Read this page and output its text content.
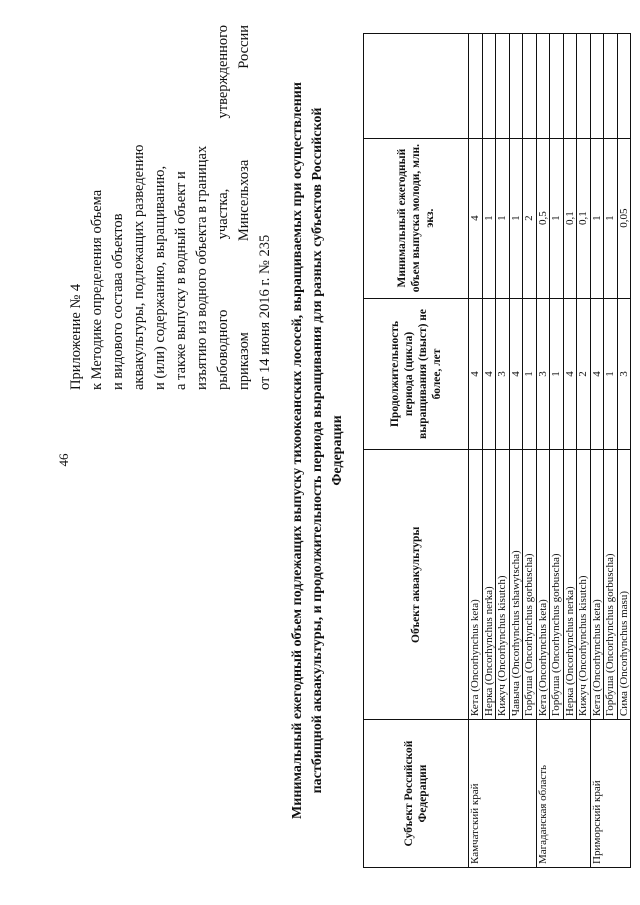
46
Приложение № 4 к Методике определения объема и видового состава объектов аквакультуры, подлежащих разведению и (или) содержанию, выращиванию, а также выпуску в водный объект и изъятию из водного объекта в границах рыбоводного
участка,
утвержденного
приказом
Минсельхоза
России
от 14 июня 2016 г. № 235 Минимальный ежегодный объем подлежащих выпуску тихоокеанских лососей, выращиваемых при осуществлении пастбищной аквакультуры, и продолжительность периода выращивания для разных субъектов Российской Федерации
Субъект Российской Федерации	Объект аквакультуры	Продолжительность периода (цикла) выращивания (tвыст) не более, лет	Минимальный ежегодный объем выпуска молоди, млн. экз.	
Камчатский край	Кета (Oncorhynchus keta)	4	4	
	Нерка (Oncorhynchus nerka)	4	1	
	Кижуч (Oncorhynchus kisutch)	3	1	
	Чавыча (Oncorhynchus tshawytscha)	4	1	
	Горбуша (Oncorhynchus gorbuscha)	1	2	
Магаданская область	Кета (Oncorhynchus keta)	3	0,5	
	Горбуша (Oncorhynchus gorbuscha)	1	1	
	Нерка (Oncorhynchus nerka)	4	0,1	
	Кижуч (Oncorhynchus kisutch)	2	0,1	
Приморский край	Кета (Oncorhynchus keta)	4	1	
	Горбуша (Oncorhynchus gorbuscha)	1	1	
	Сима (Oncorhynchus masu)	3	0,05	
